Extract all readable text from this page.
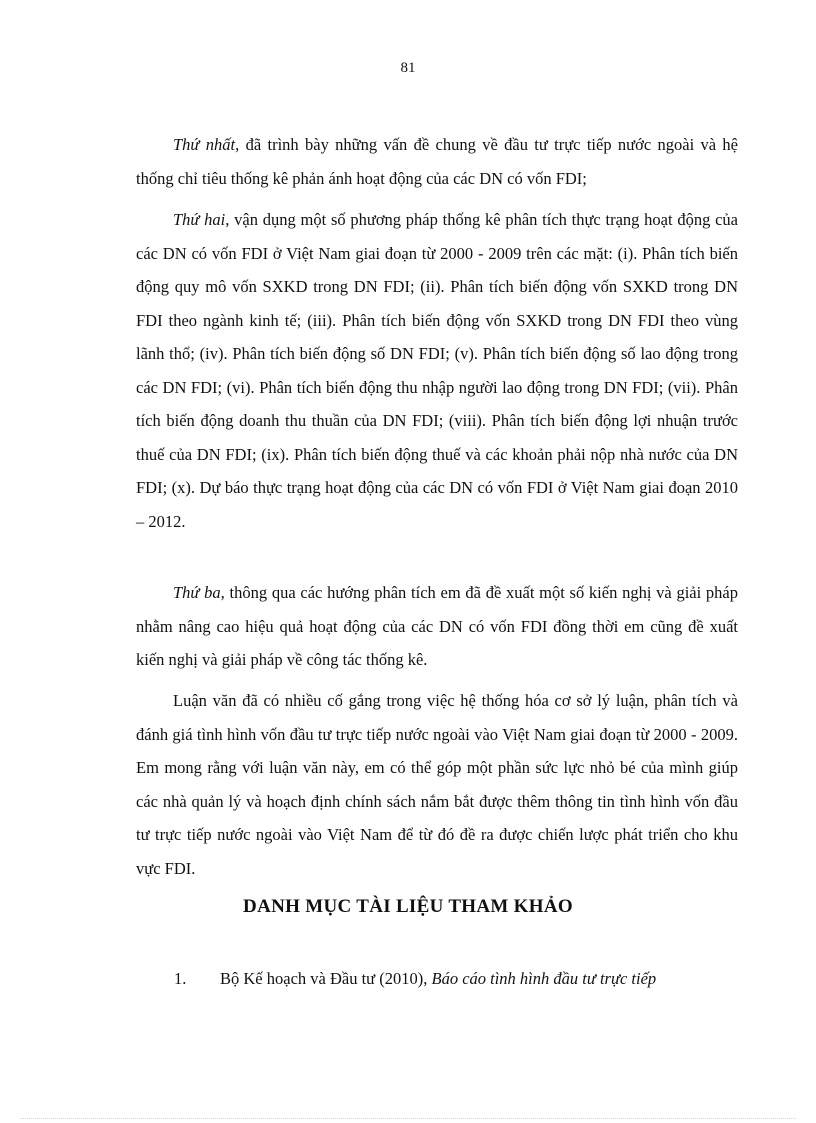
81

Thứ nhất, đã trình bày những vấn đề chung về đầu tư trực tiếp nước ngoài và hệ thống chỉ tiêu thống kê phản ánh hoạt động của các DN có vốn FDI;

Thứ hai, vận dụng một số phương pháp thống kê phân tích thực trạng hoạt động của các DN có vốn FDI ở Việt Nam giai đoạn từ 2000 - 2009 trên các mặt: (i). Phân tích biến động quy mô vốn SXKD trong DN FDI; (ii). Phân tích biến động vốn SXKD trong DN FDI theo ngành kinh tế; (iii). Phân tích biến động vốn SXKD trong DN FDI theo vùng lãnh thổ; (iv). Phân tích biến động số DN FDI; (v). Phân tích biến động số lao động trong các DN FDI; (vi). Phân tích biến động thu nhập người lao động trong DN FDI; (vii). Phân tích biến động doanh thu thuần của DN FDI; (viii). Phân tích biến động lợi nhuận trước thuế của DN FDI; (ix). Phân tích biến động thuế và các khoản phải nộp nhà nước của DN FDI; (x). Dự báo thực trạng hoạt động của các DN có vốn FDI ở Việt Nam giai đoạn 2010 – 2012.

Thứ ba, thông qua các hướng phân tích em đã đề xuất một số kiến nghị và giải pháp nhằm nâng cao hiệu quả hoạt động của các DN có vốn FDI đồng thời em cũng đề xuất kiến nghị và giải pháp về công tác thống kê.

Luận văn đã có nhiều cố gắng trong việc hệ thống hóa cơ sở lý luận, phân tích và đánh giá tình hình vốn đầu tư trực tiếp nước ngoài vào Việt Nam giai đoạn từ 2000 - 2009. Em mong rằng với luận văn này, em có thể góp một phần sức lực nhỏ bé của mình giúp các nhà quản lý và hoạch định chính sách nắm bắt được thêm thông tin tình hình vốn đầu tư trực tiếp nước ngoài vào Việt Nam để từ đó đề ra được chiến lược phát triển cho khu vực FDI.

DANH MỤC TÀI LIỆU THAM KHẢO
1. Bộ Kế hoạch và Đầu tư (2010), Báo cáo tình hình đầu tư trực tiếp
